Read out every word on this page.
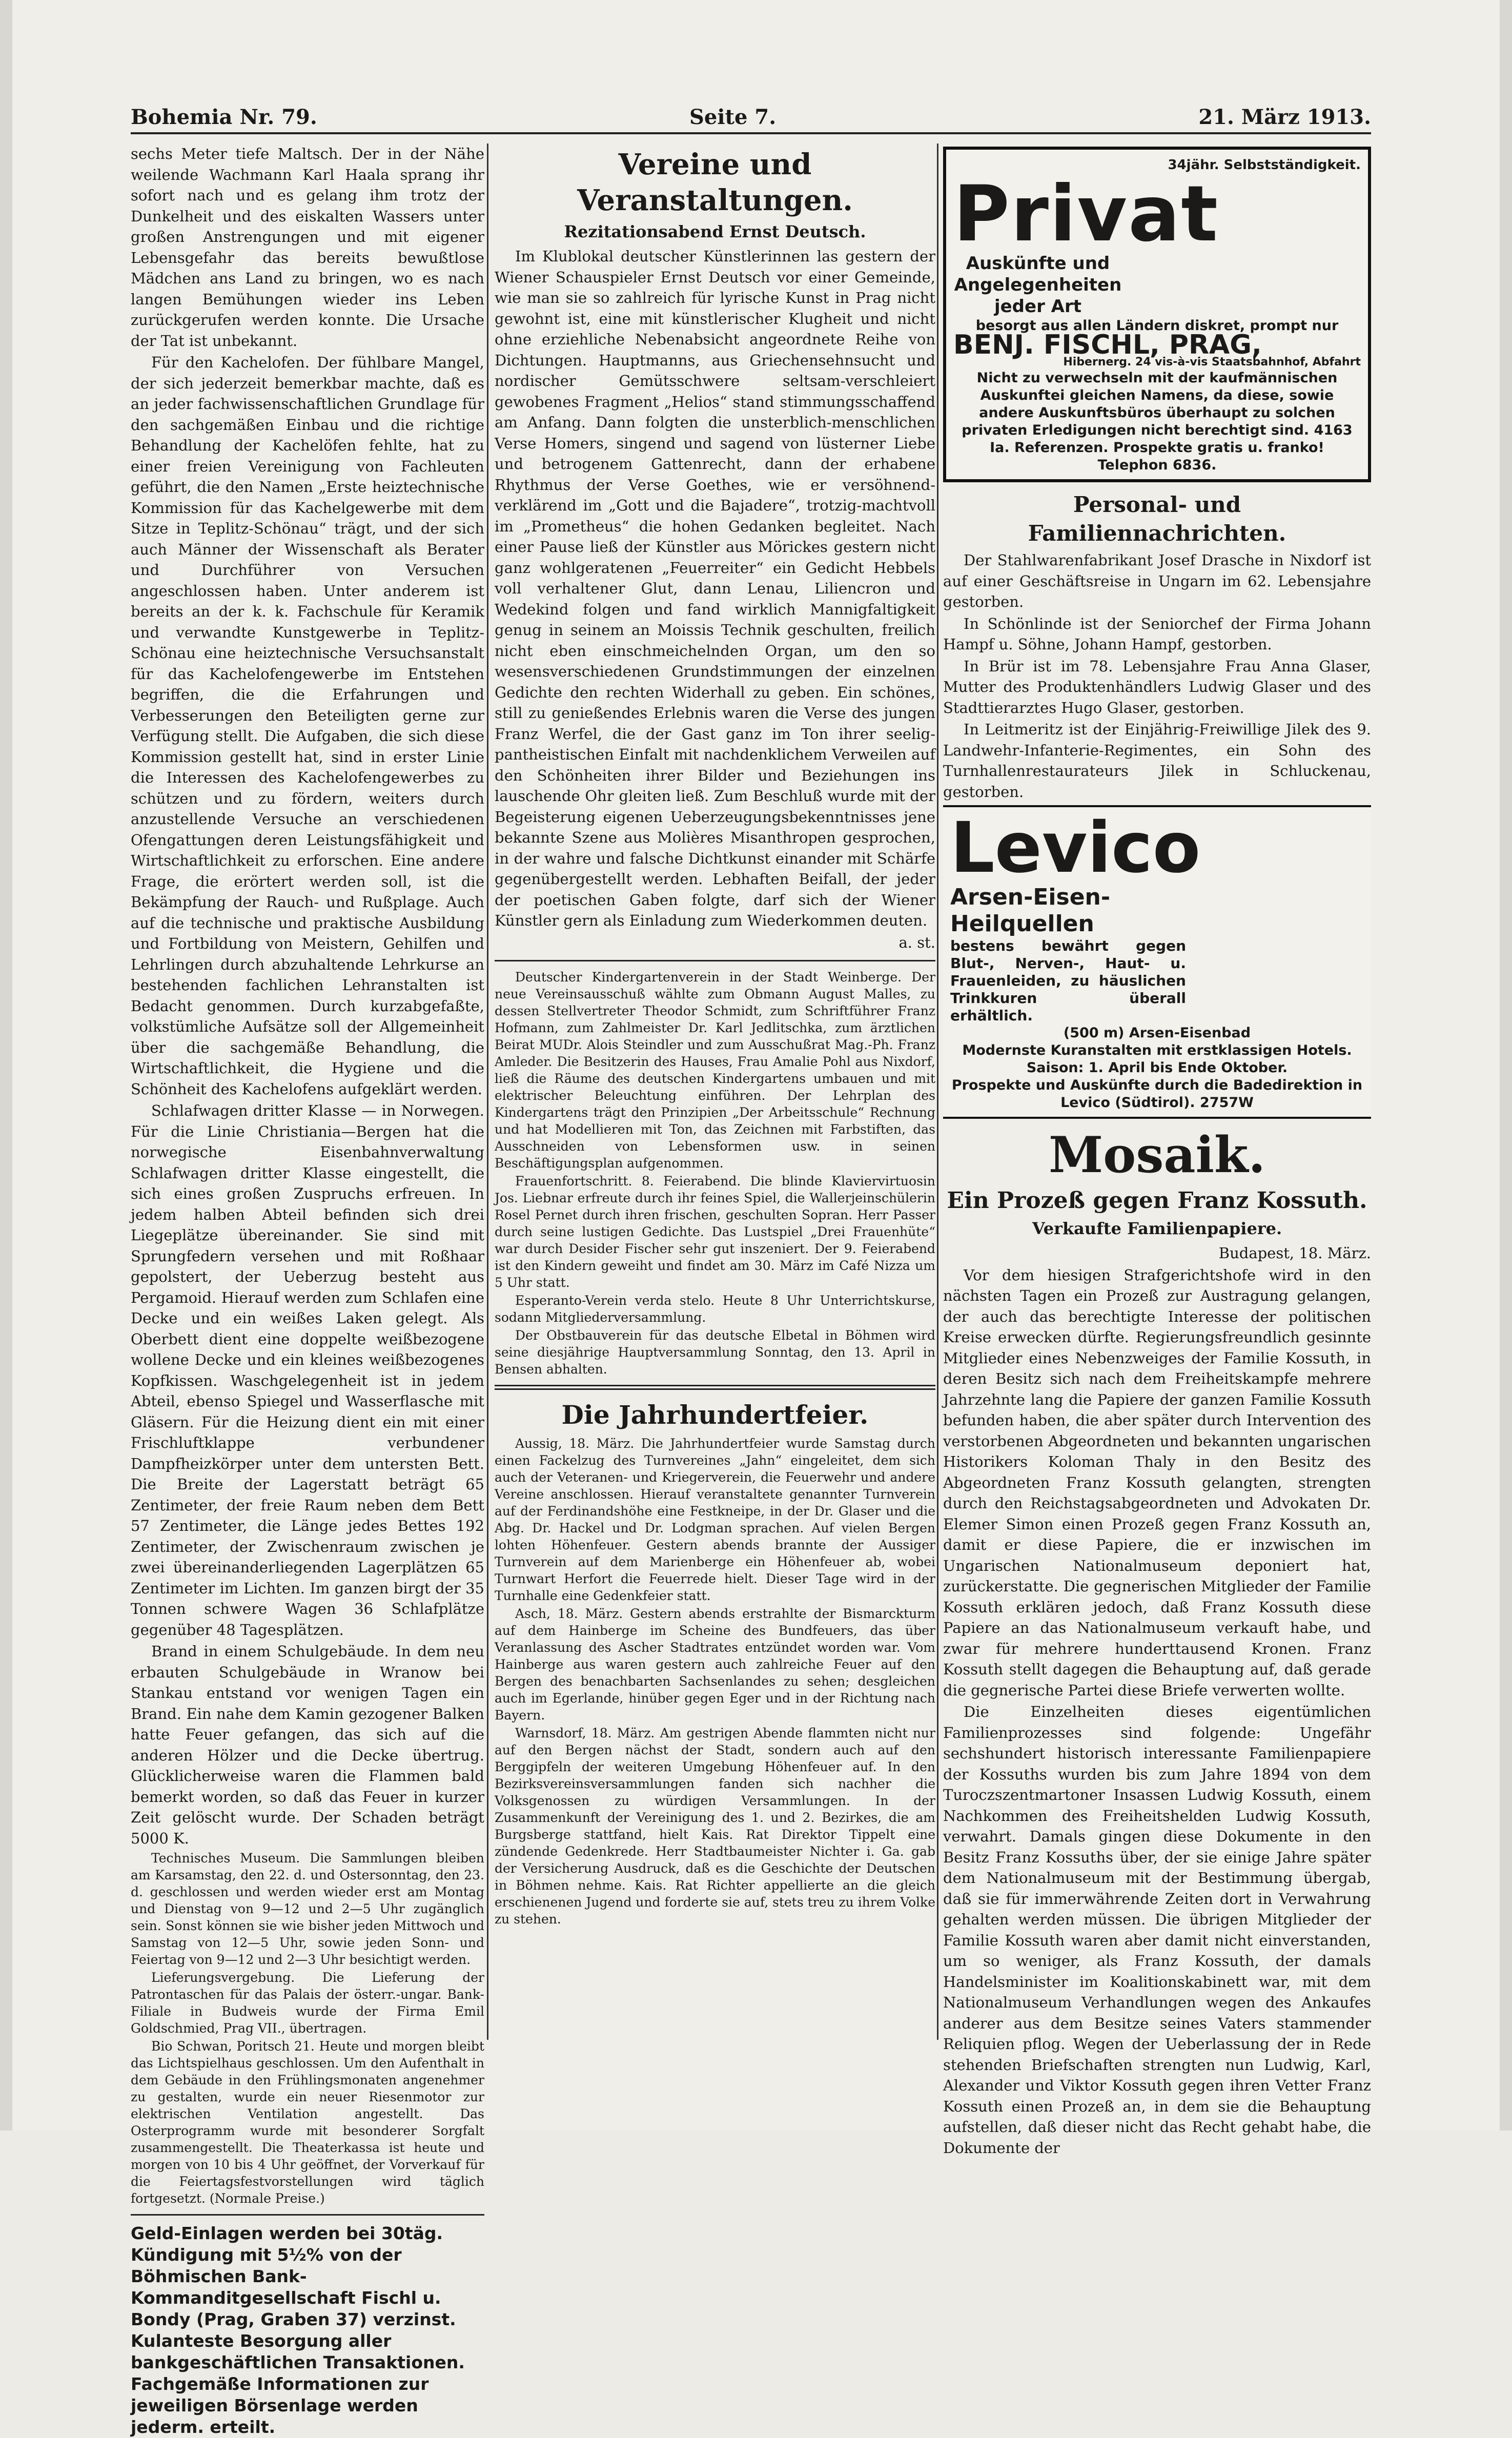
Bohemia Nr. 79.	Seite 7.	21. März 1913.

sechs Meter tiefe Maltsch. Der in der Nähe weilende Wachmann Karl Haala sprang ihr sofort nach und es gelang ihm trotz der Dunkelheit und des eiskalten Wassers unter großen Anstrengungen und mit eigener Lebensgefahr das bereits bewußtlose Mädchen ans Land zu bringen, wo es nach langen Bemühungen wieder ins Leben zurückgerufen werden konnte. Die Ursache der Tat ist unbekannt.

Für den Kachelofen. Der fühlbare Mangel, der sich jederzeit bemerkbar machte, daß es an jeder fachwissenschaftlichen Grundlage für den sachgemäßen Einbau und die richtige Behandlung der Kachelöfen fehlte, hat zu einer freien Vereinigung von Fachleuten geführt, die den Namen „Erste heiztechnische Kommission für das Kachelgewerbe mit dem Sitze in Teplitz-Schönau“ trägt, und der sich auch Männer der Wissenschaft als Berater und Durchführer von Versuchen angeschlossen haben. Unter anderem ist bereits an der k. k. Fachschule für Keramik und verwandte Kunstgewerbe in Teplitz-Schönau eine heiztechnische Versuchsanstalt für das Kachelofengewerbe im Entstehen begriffen, die die Erfahrungen und Verbesserungen den Beteiligten gerne zur Verfügung stellt. Die Aufgaben, die sich diese Kommission gestellt hat, sind in erster Linie die Interessen des Kachelofengewerbes zu schützen und zu fördern, weiters durch anzustellende Versuche an verschiedenen Ofengattungen deren Leistungsfähigkeit und Wirtschaftlichkeit zu erforschen. Eine andere Frage, die erörtert werden soll, ist die Bekämpfung der Rauch- und Rußplage. Auch auf die technische und praktische Ausbildung und Fortbildung von Meistern, Gehilfen und Lehrlingen durch abzuhaltende Lehrkurse an bestehenden fachlichen Lehranstalten ist Bedacht genommen. Durch kurzabgefaßte, volkstümliche Aufsätze soll der Allgemeinheit über die sachgemäße Behandlung, die Wirtschaftlichkeit, die Hygiene und die Schönheit des Kachelofens aufgeklärt werden.

Schlafwagen dritter Klasse — in Norwegen. Für die Linie Christiania—Bergen hat die norwegische Eisenbahnverwaltung Schlafwagen dritter Klasse eingestellt, die sich eines großen Zuspruchs erfreuen. In jedem halben Abteil befinden sich drei Liegeplätze übereinander. Sie sind mit Sprungfedern versehen und mit Roßhaar gepolstert, der Ueberzug besteht aus Pergamoid. Hierauf werden zum Schlafen eine Decke und ein weißes Laken gelegt. Als Oberbett dient eine doppelte weißbezogene wollene Decke und ein kleines weißbezogenes Kopfkissen. Waschgelegenheit ist in jedem Abteil, ebenso Spiegel und Wasserflasche mit Gläsern. Für die Heizung dient ein mit einer Frischluftklappe verbundener Dampfheizkörper unter dem untersten Bett. Die Breite der Lagerstatt beträgt 65 Zentimeter, der freie Raum neben dem Bett 57 Zentimeter, die Länge jedes Bettes 192 Zentimeter, der Zwischenraum zwischen je zwei übereinanderliegenden Lagerplätzen 65 Zentimeter im Lichten. Im ganzen birgt der 35 Tonnen schwere Wagen 36 Schlafplätze gegenüber 48 Tagesplätzen.

Brand in einem Schulgebäude. In dem neu erbauten Schulgebäude in Wranow bei Stankau entstand vor wenigen Tagen ein Brand. Ein nahe dem Kamin gezogener Balken hatte Feuer gefangen, das sich auf die anderen Hölzer und die Decke übertrug. Glücklicherweise waren die Flammen bald bemerkt worden, so daß das Feuer in kurzer Zeit gelöscht wurde. Der Schaden beträgt 5000 K.

Technisches Museum. Die Sammlungen bleiben am Karsamstag, den 22. d. und Ostersonntag, den 23. d. geschlossen und werden wieder erst am Montag und Dienstag von 9—12 und 2—5 Uhr zugänglich sein. Sonst können sie wie bisher jeden Mittwoch und Samstag von 12—5 Uhr, sowie jeden Sonn- und Feiertag von 9—12 und 2—3 Uhr besichtigt werden.

Lieferungsvergebung. Die Lieferung der Patrontaschen für das Palais der österr.-ungar. Bank-Filiale in Budweis wurde der Firma Emil Goldschmied, Prag VII., übertragen.

Bio Schwan, Poritsch 21. Heute und morgen bleibt das Lichtspielhaus geschlossen. Um den Aufenthalt in dem Gebäude in den Frühlingsmonaten angenehmer zu gestalten, wurde ein neuer Riesenmotor zur elektrischen Ventilation angestellt. Das Osterprogramm wurde mit besonderer Sorgfalt zusammengestellt. Die Theaterkassa ist heute und morgen von 10 bis 4 Uhr geöffnet, der Vorverkauf für die Feiertagsfestvorstellungen wird täglich fortgesetzt. (Normale Preise.)

Geld-Einlagen werden bei 30täg. Kündigung mit 5½% von der Böhmischen Bank-Kommanditgesellschaft Fischl u. Bondy (Prag, Graben 37) verzinst. Kulanteste Besorgung aller bankgeschäftlichen Transaktionen. Fachgemäße Informationen zur jeweiligen Börsenlage werden jederm. erteilt.

Vereine und Veranstaltungen.
Rezitationsabend Ernst Deutsch.

Im Klublokal deutscher Künstlerinnen las gestern der Wiener Schauspieler Ernst Deutsch vor einer Gemeinde, wie man sie so zahlreich für lyrische Kunst in Prag nicht gewohnt ist, eine mit künstlerischer Klugheit und nicht ohne erziehliche Nebenabsicht angeordnete Reihe von Dichtungen. Hauptmanns, aus Griechensehnsucht und nordischer Gemütsschwere seltsam-verschleiert gewobenes Fragment „Helios“ stand stimmungsschaffend am Anfang. Dann folgten die unsterblich-menschlichen Verse Homers, singend und sagend von lüsterner Liebe und betrogenem Gattenrecht, dann der erhabene Rhythmus der Verse Goethes, wie er versöhnend-verklärend im „Gott und die Bajadere“, trotzig-machtvoll im „Prometheus“ die hohen Gedanken begleitet. Nach einer Pause ließ der Künstler aus Mörickes gestern nicht ganz wohlgeratenen „Feuerreiter“ ein Gedicht Hebbels voll verhaltener Glut, dann Lenau, Liliencron und Wedekind folgen und fand wirklich Mannigfaltigkeit genug in seinem an Moissis Technik geschulten, freilich nicht eben einschmeichelnden Organ, um den so wesensverschiedenen Grundstimmungen der einzelnen Gedichte den rechten Widerhall zu geben. Ein schönes, still zu genießendes Erlebnis waren die Verse des jungen Franz Werfel, die der Gast ganz im Ton ihrer seelig-pantheistischen Einfalt mit nachdenklichem Verweilen auf den Schönheiten ihrer Bilder und Beziehungen ins lauschende Ohr gleiten ließ. Zum Beschluß wurde mit der Begeisterung eigenen Ueberzeugungsbekenntnisses jene bekannte Szene aus Molières Misanthropen gesprochen, in der wahre und falsche Dichtkunst einander mit Schärfe gegenübergestellt werden. Lebhaften Beifall, der jeder der poetischen Gaben folgte, darf sich der Wiener Künstler gern als Einladung zum Wiederkommen deuten.

a. st.

Deutscher Kindergartenverein in der Stadt Weinberge. Der neue Vereinsausschuß wählte zum Obmann August Malles, zu dessen Stellvertreter Theodor Schmidt, zum Schriftführer Franz Hofmann, zum Zahlmeister Dr. Karl Jedlitschka, zum ärztlichen Beirat MUDr. Alois Steindler und zum Ausschußrat Mag.-Ph. Franz Amleder. Die Besitzerin des Hauses, Frau Amalie Pohl aus Nixdorf, ließ die Räume des deutschen Kindergartens umbauen und mit elektrischer Beleuchtung einführen. Der Lehrplan des Kindergartens trägt den Prinzipien „Der Arbeitsschule“ Rechnung und hat Modellieren mit Ton, das Zeichnen mit Farbstiften, das Ausschneiden von Lebensformen usw. in seinen Beschäftigungsplan aufgenommen.

Frauenfortschritt. 8. Feierabend. Die blinde Klaviervirtuosin Jos. Liebnar erfreute durch ihr feines Spiel, die Wallerjeinschülerin Rosel Pernet durch ihren frischen, geschulten Sopran. Herr Passer durch seine lustigen Gedichte. Das Lustspiel „Drei Frauenhüte“ war durch Desider Fischer sehr gut inszeniert. Der 9. Feierabend ist den Kindern geweiht und findet am 30. März im Café Nizza um 5 Uhr statt.

Esperanto-Verein verda stelo. Heute 8 Uhr Unterrichtskurse, sodann Mitgliederversammlung.

Der Obstbauverein für das deutsche Elbetal in Böhmen wird seine diesjährige Hauptversammlung Sonntag, den 13. April in Bensen abhalten.

Die Jahrhundertfeier.

Aussig, 18. März. Die Jahrhundertfeier wurde Samstag durch einen Fackelzug des Turnvereines „Jahn“ eingeleitet, dem sich auch der Veteranen- und Kriegerverein, die Feuerwehr und andere Vereine anschlossen. Hierauf veranstaltete genannter Turnverein auf der Ferdinandshöhe eine Festkneipe, in der Dr. Glaser und die Abg. Dr. Hackel und Dr. Lodgman sprachen. Auf vielen Bergen lohten Höhenfeuer. Gestern abends brannte der Aussiger Turnverein auf dem Marienberge ein Höhenfeuer ab, wobei Turnwart Herfort die Feuerrede hielt. Dieser Tage wird in der Turnhalle eine Gedenkfeier statt.

Asch, 18. März. Gestern abends erstrahlte der Bismarckturm auf dem Hainberge im Scheine des Bundfeuers, das über Veranlassung des Ascher Stadtrates entzündet worden war. Vom Hainberge aus waren gestern auch zahlreiche Feuer auf den Bergen des benachbarten Sachsenlandes zu sehen; desgleichen auch im Egerlande, hinüber gegen Eger und in der Richtung nach Bayern.

Warnsdorf, 18. März. Am gestrigen Abende flammten nicht nur auf den Bergen nächst der Stadt, sondern auch auf den Berggipfeln der weiteren Umgebung Höhenfeuer auf. In den Bezirksvereinsversammlungen fanden sich nachher die Volksgenossen zu würdigen Versammlungen. In der Zusammenkunft der Vereinigung des 1. und 2. Bezirkes, die am Burgsberge stattfand, hielt Kais. Rat Direktor Tippelt eine zündende Gedenkrede. Herr Stadtbaumeister Nichter i. Ga. gab der Versicherung Ausdruck, daß es die Geschichte der Deutschen in Böhmen nehme. Kais. Rat Richter appellierte an die gleich erschienenen Jugend und forderte sie auf, stets treu zu ihrem Volke zu stehen.

34jähr. Selbstständigkeit.
Privat Auskünfte und Angelegenheiten jeder Art
besorgt aus allen Ländern diskret, prompt nur
BENJ. FISCHL, PRAG,
Hibernerg. 24 vis-à-vis Staatsbahnhof, Abfahrt
Nicht zu verwechseln mit der kaufmännischen Auskunftei gleichen Namens, da diese, sowie andere Auskunftsbüros überhaupt zu solchen privaten Erledigungen nicht berechtigt sind. 4163
Ia. Referenzen. Prospekte gratis u. franko!
Telephon 6836.
Personal- und Familiennachrichten.

Der Stahlwarenfabrikant Josef Drasche in Nixdorf ist auf einer Geschäftsreise in Ungarn im 62. Lebensjahre gestorben.

In Schönlinde ist der Seniorchef der Firma Johann Hampf u. Söhne, Johann Hampf, gestorben.

In Brür ist im 78. Lebensjahre Frau Anna Glaser, Mutter des Produktenhändlers Ludwig Glaser und des Stadttierarztes Hugo Glaser, gestorben.

In Leitmeritz ist der Einjährig-Freiwillige Jilek des 9. Landwehr-Infanterie-Regimentes, ein Sohn des Turnhallenrestaurateurs Jilek in Schluckenau, gestorben.

Levico
Arsen-Eisen-Heilquellen
bestens bewährt gegen Blut-, Nerven-, Haut- u. Frauenleiden, zu häuslichen Trinkkuren überall erhältlich.
(500 m) Arsen-Eisenbad
Modernste Kuranstalten mit erstklassigen Hotels.
Saison: 1. April bis Ende Oktober.
Prospekte und Auskünfte durch die Badedirektion in Levico (Südtirol). 2757W
Mosaik.
Ein Prozeß gegen Franz Kossuth.
Verkaufte Familienpapiere.

Budapest, 18. März.

Vor dem hiesigen Strafgerichtshofe wird in den nächsten Tagen ein Prozeß zur Austragung gelangen, der auch das berechtigte Interesse der politischen Kreise erwecken dürfte. Regierungsfreundlich gesinnte Mitglieder eines Nebenzweiges der Familie Kossuth, in deren Besitz sich nach dem Freiheitskampfe mehrere Jahrzehnte lang die Papiere der ganzen Familie Kossuth befunden haben, die aber später durch Intervention des verstorbenen Abgeordneten und bekannten ungarischen Historikers Koloman Thaly in den Besitz des Abgeordneten Franz Kossuth gelangten, strengten durch den Reichstagsabgeordneten und Advokaten Dr. Elemer Simon einen Prozeß gegen Franz Kossuth an, damit er diese Papiere, die er inzwischen im Ungarischen Nationalmuseum deponiert hat, zurückerstatte. Die gegnerischen Mitglieder der Familie Kossuth erklären jedoch, daß Franz Kossuth diese Papiere an das Nationalmuseum verkauft habe, und zwar für mehrere hunderttausend Kronen. Franz Kossuth stellt dagegen die Behauptung auf, daß gerade die gegnerische Partei diese Briefe verwerten wollte.

Die Einzelheiten dieses eigentümlichen Familienprozesses sind folgende: Ungefähr sechshundert historisch interessante Familienpapiere der Kossuths wurden bis zum Jahre 1894 von dem Turoczszentmartoner Insassen Ludwig Kossuth, einem Nachkommen des Freiheitshelden Ludwig Kossuth, verwahrt. Damals gingen diese Dokumente in den Besitz Franz Kossuths über, der sie einige Jahre später dem Nationalmuseum mit der Bestimmung übergab, daß sie für immerwährende Zeiten dort in Verwahrung gehalten werden müssen. Die übrigen Mitglieder der Familie Kossuth waren aber damit nicht einverstanden, um so weniger, als Franz Kossuth, der damals Handelsminister im Koalitionskabinett war, mit dem Nationalmuseum Verhandlungen wegen des Ankaufes anderer aus dem Besitze seines Vaters stammender Reliquien pflog. Wegen der Ueberlassung der in Rede stehenden Briefschaften strengten nun Ludwig, Karl, Alexander und Viktor Kossuth gegen ihren Vetter Franz Kossuth einen Prozeß an, in dem sie die Behauptung aufstellen, daß dieser nicht das Recht gehabt habe, die Dokumente der
